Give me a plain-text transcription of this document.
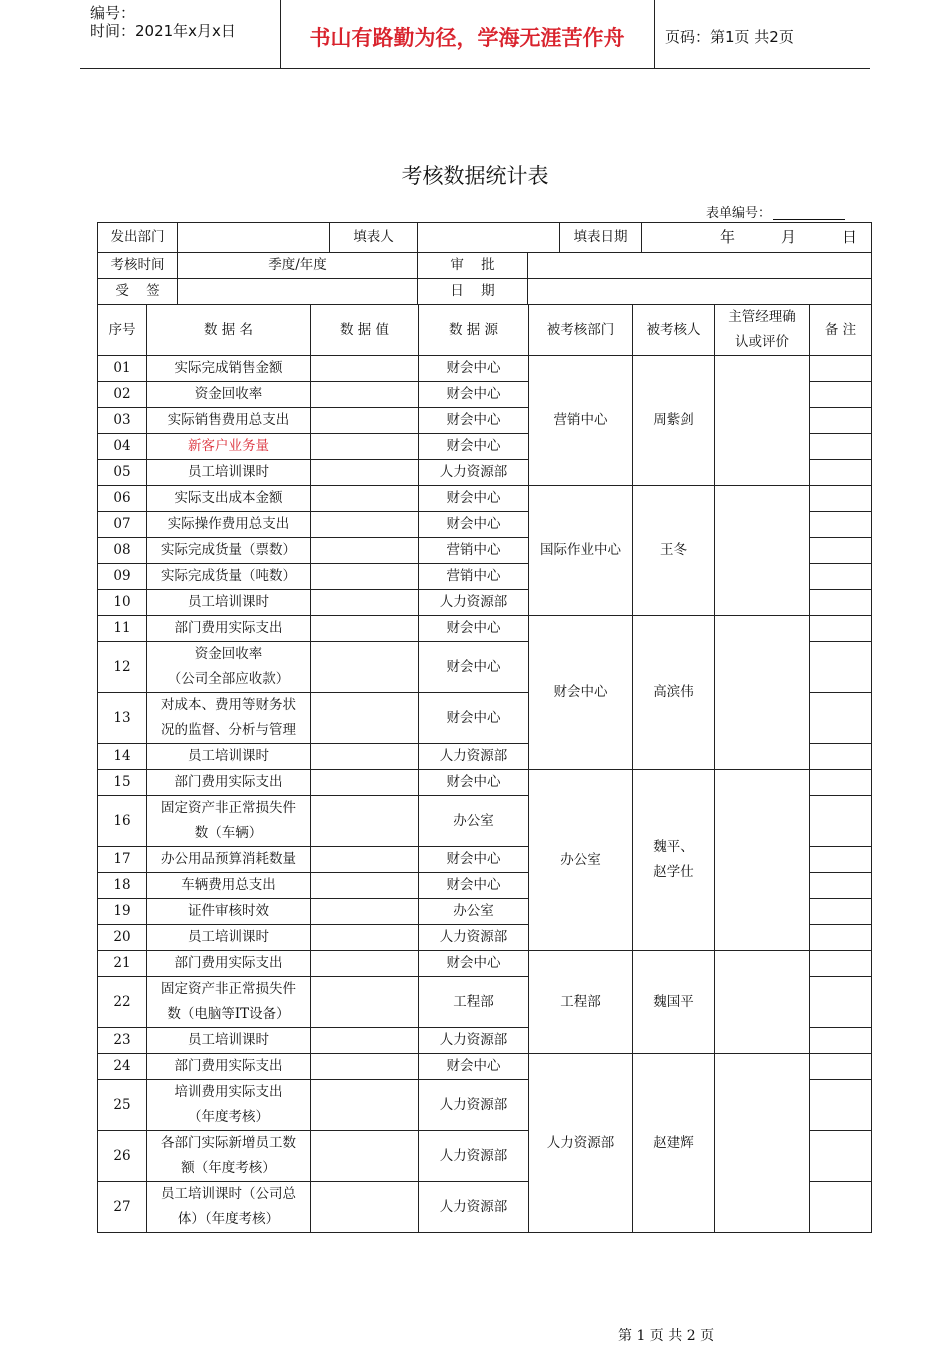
编号：
时间：2021年x月x日	书山有路勤为径，学海无涯苦作舟	页码：第1页 共2页
考核数据统计表
表单编号：
发出部门		填表人		填表日期	年	月	日
考核时间	季度/年度	审    批	
受    签		日    期	
序号	数 据 名	数 据 值	数 据 源	被考核部门	被考核人	主管经理确认或评价	备 注
01	实际完成销售金额		财会中心	营销中心	周紫剑		

02	资金回收率		财会中心				
03	实际销售费用总支出		财会中心				
04	新客户业务量		财会中心				
05	员工培训课时		人力资源部				
06	实际支出成本金额		财会中心	国际作业中心	王冬		

07	实际操作费用总支出		财会中心				
08	实际完成货量（票数）		营销中心				
09	实际完成货量（吨数）		营销中心				
10	员工培训课时		人力资源部				
11	部门费用实际支出		财会中心	财会中心	高滨伟		

12	资金回收率
（公司全部应收款）		财会中心				
13	对成本、费用等财务状
况的监督、分析与管理		财会中心				
14	员工培训课时		人力资源部				
15	部门费用实际支出		财会中心	办公室	魏平、
赵学仕		

16	固定资产非正常损失件
数（车辆）		办公室				
17	办公用品预算消耗数量		财会中心				
18	车辆费用总支出		财会中心				
19	证件审核时效		办公室				
20	员工培训课时		人力资源部				
21	部门费用实际支出		财会中心	工程部	魏国平		

22	固定资产非正常损失件
数（电脑等IT设备）		工程部				
23	员工培训课时		人力资源部				
24	部门费用实际支出		财会中心	人力资源部	赵建辉		

25	培训费用实际支出
（年度考核）		人力资源部				
26	各部门实际新增员工数
额（年度考核）		人力资源部				
27	员工培训课时（公司总
体）（年度考核）		人力资源部				
第 1 页 共 2 页
